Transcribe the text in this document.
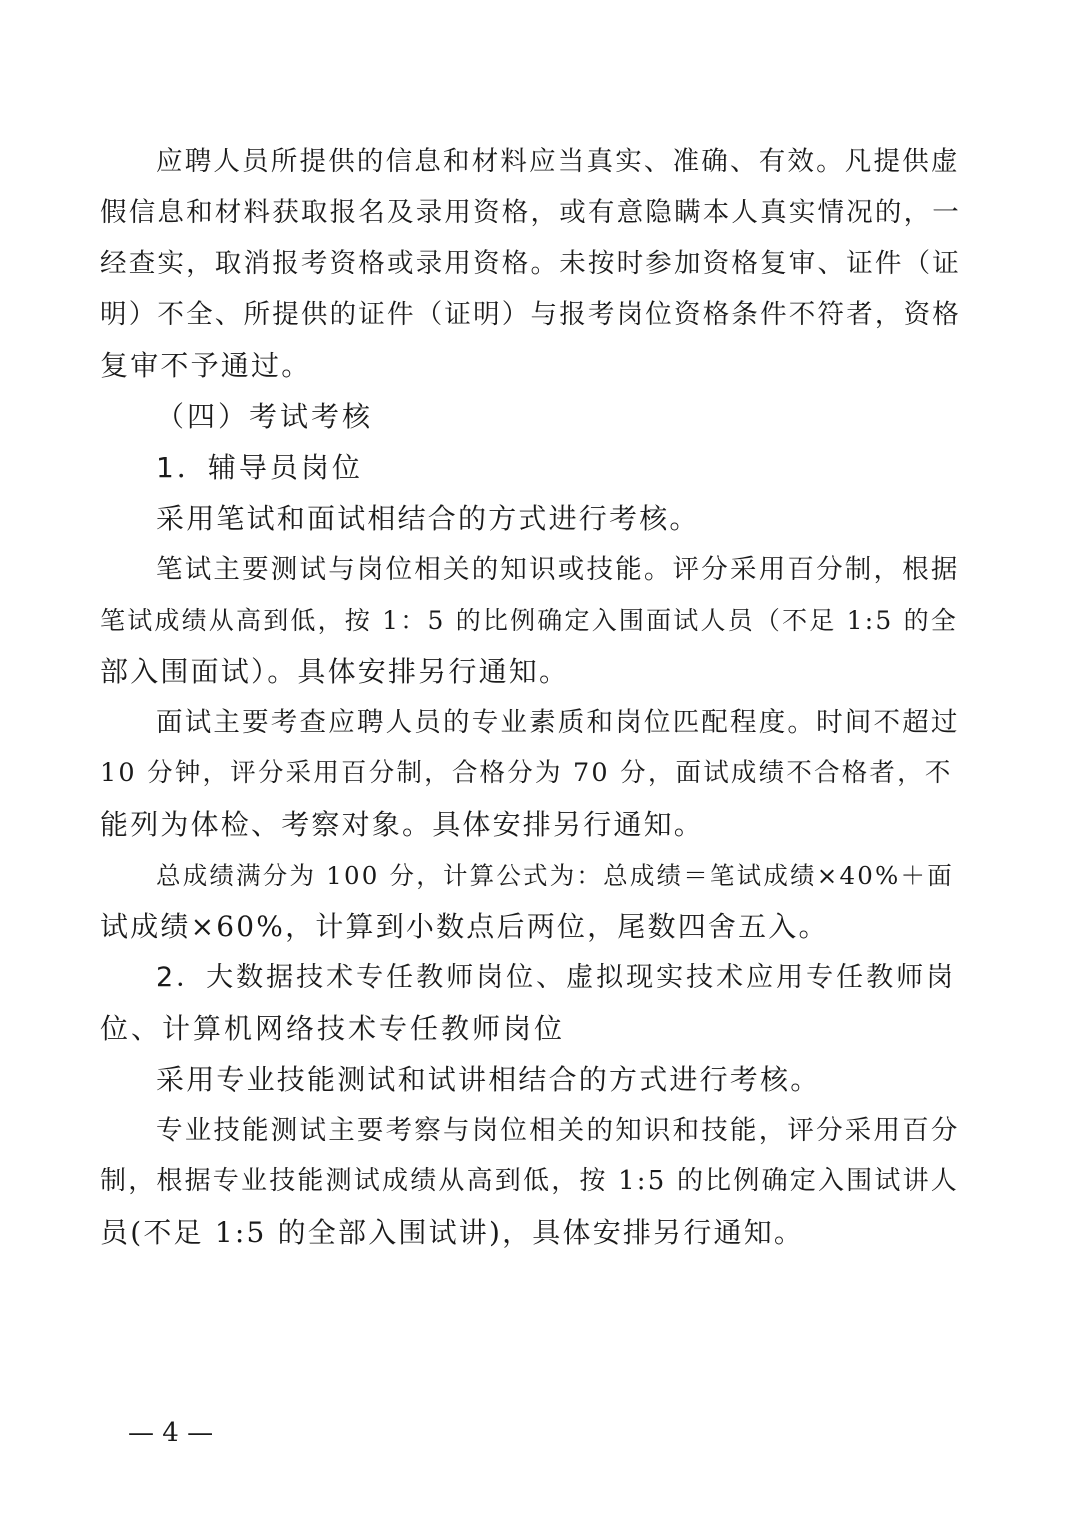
应聘人员所提供的信息和材料应当真实、准确、有效。凡提供虚
假信息和材料获取报名及录用资格，或有意隐瞒本人真实情况的，一
经查实，取消报考资格或录用资格。未按时参加资格复审、证件（证
明）不全、所提供的证件（证明）与报考岗位资格条件不符者，资格
复审不予通过。
（四）考试考核
1．辅导员岗位
采用笔试和面试相结合的方式进行考核。
笔试主要测试与岗位相关的知识或技能。评分采用百分制，根据
笔试成绩从高到低，按 1：5 的比例确定入围面试人员（不足 1:5 的全
部入围面试）。具体安排另行通知。
面试主要考查应聘人员的专业素质和岗位匹配程度。时间不超过
10 分钟，评分采用百分制，合格分为 70 分，面试成绩不合格者，不
能列为体检、考察对象。具体安排另行通知。
总成绩满分为 100 分，计算公式为：总成绩＝笔试成绩×40%＋面
试成绩×60%，计算到小数点后两位，尾数四舍五入。
2．大数据技术专任教师岗位、虚拟现实技术应用专任教师岗
位、计算机网络技术专任教师岗位
采用专业技能测试和试讲相结合的方式进行考核。
专业技能测试主要考察与岗位相关的知识和技能，评分采用百分
制，根据专业技能测试成绩从高到低，按 1:5 的比例确定入围试讲人
员(不足 1:5 的全部入围试讲)，具体安排另行通知。
— 4 —
